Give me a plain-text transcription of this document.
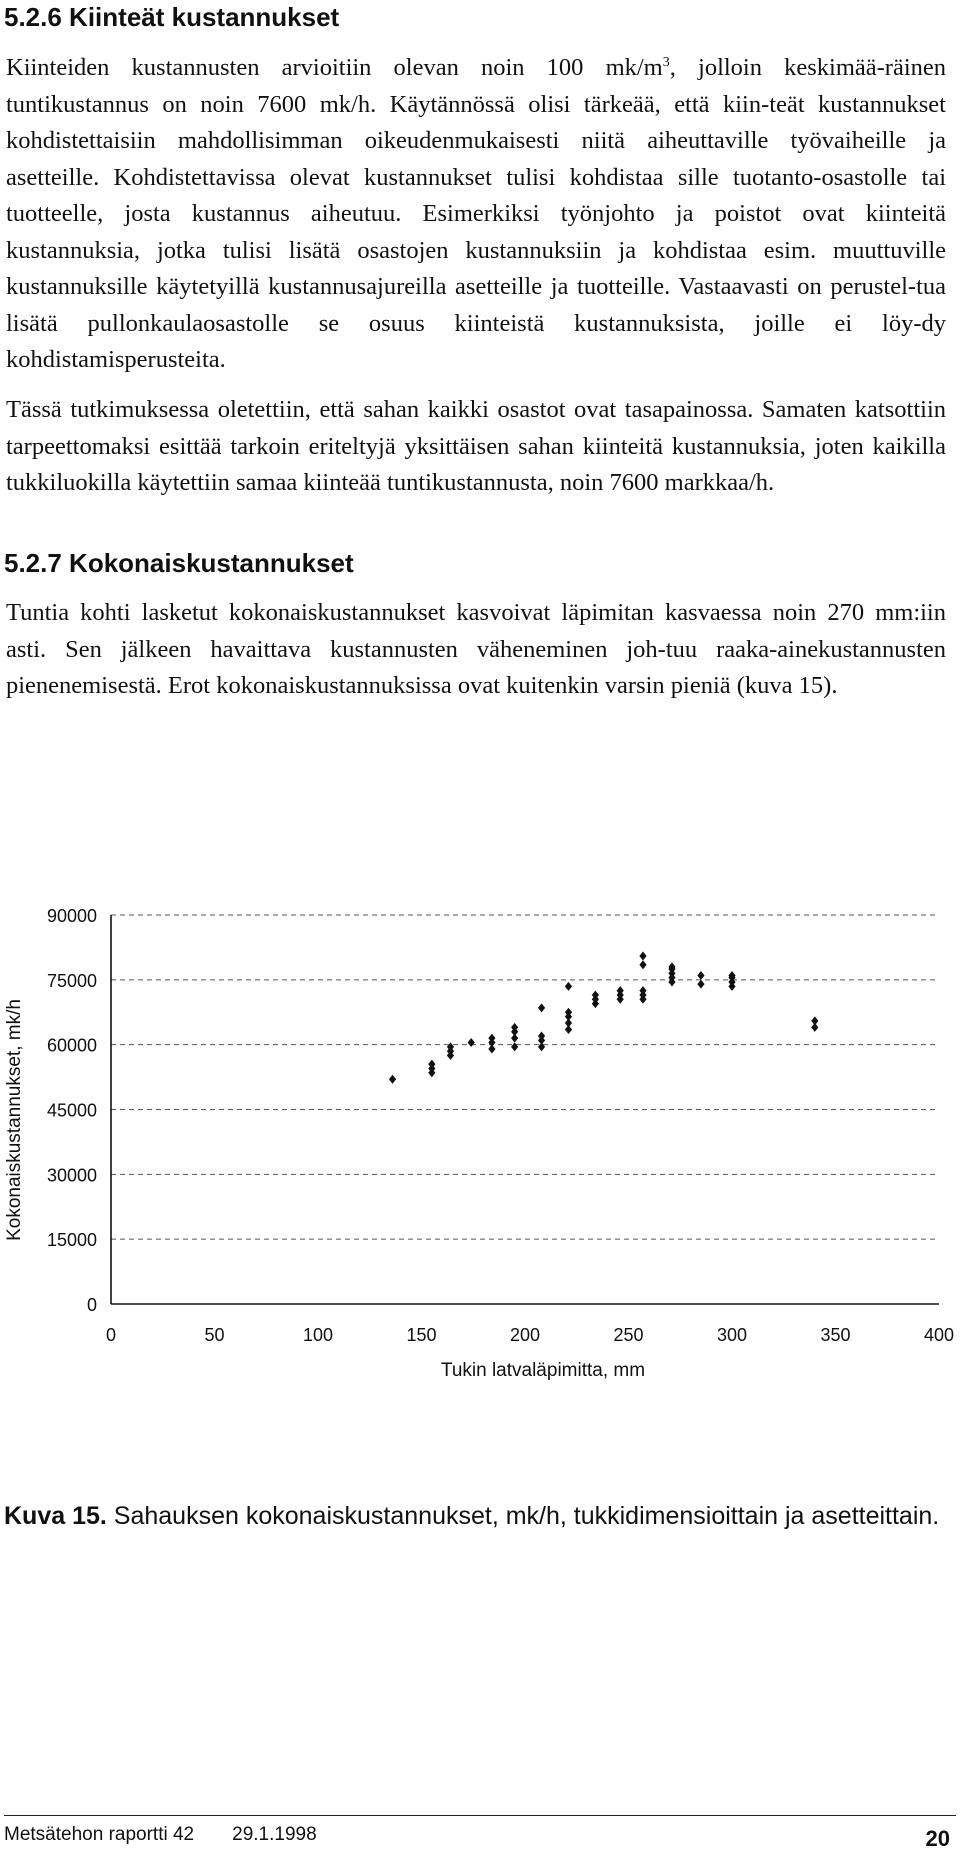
5.2.6 Kiinteät kustannukset

Kiinteiden kustannusten arvioitiin olevan noin 100 $mk/m^3$, jolloin keskimää-räinen tuntikustannus on noin 7600 mk/h. Käytännössä olisi tärkeää, että kiin-teät kustannukset kohdistettaisiin mahdollisimman oikeudenmukaisesti niitä aiheuttaville työvaiheille ja asetteille. Kohdistettavissa olevat kustannukset tulisi kohdistaa sille tuotanto-osastolle tai tuotteelle, josta kustannus aiheutuu. Esimerkiksi työnjohto ja poistot ovat kiinteitä kustannuksia, jotka tulisi lisätä osastojen kustannuksiin ja kohdistaa esim. muuttuville kustannuksille käytetyillä kustannusajureilla asetteille ja tuotteille. Vastaavasti on perustel-tua lisätä pullonkaulaosastolle se osuus kiinteistä kustannuksista, joille ei löy-dy kohdistamisperusteita.

Tässä tutkimuksessa oletettiin, että sahan kaikki osastot ovat tasapainossa. Samaten katsottiin tarpeettomaksi esittää tarkoin eriteltyjä yksittäisen sahan kiinteitä kustannuksia, joten kaikilla tukkiluokilla käytettiin samaa kiinteää tuntikustannusta, noin 7600 markkaa/h.

5.2.7 Kokonaiskustannukset

Tuntia kohti lasketut kokonaiskustannukset kasvoivat läpimitan kasvaessa noin 270 mm:iin asti. Sen jälkeen havaittava kustannusten väheneminen joh-tuu raaka-ainekustannusten pienenemisestä. Erot kokonaiskustannuksissa ovat kuitenkin varsin pieniä (kuva 15).

0
15000
30000
45000
60000
75000
90000
0	50	100	150	200	250	300	350	400
Tukin latvaläpimitta, mm
Kokonaiskustannukset, mk/h

Kuva 15. Sahauksen kokonaiskustannukset, mk/h, tukkidimensioittain ja asetteittain.

Metsätehon raportti 42 29.1.1998	20
